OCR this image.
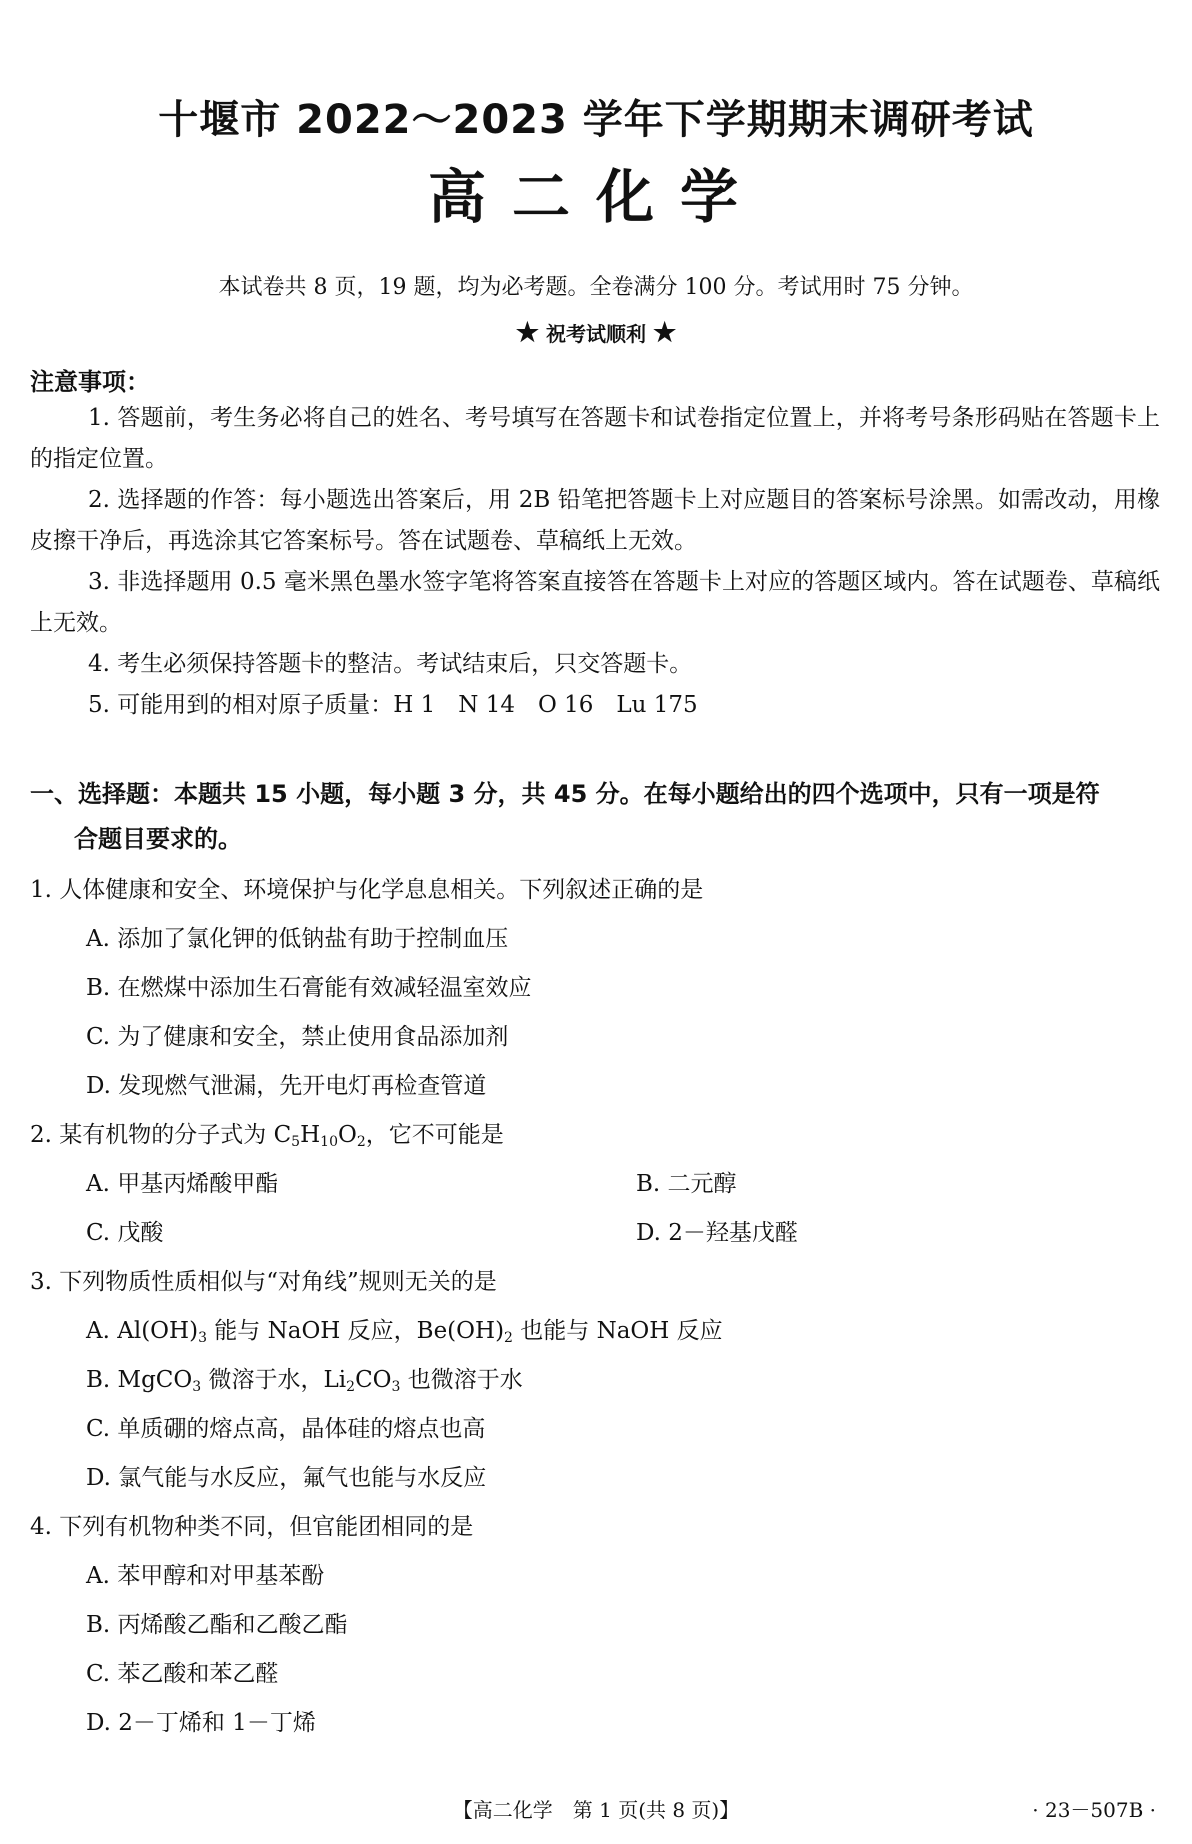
十堰市 2022～2023 学年下学期期末调研考试
高二化学
本试卷共 8 页，19 题，均为必考题。全卷满分 100 分。考试用时 75 分钟。
★ 祝考试顺利 ★
注意事项：

1. 答题前，考生务必将自己的姓名、考号填写在答题卡和试卷指定位置上，并将考号条形码贴在答题卡上的指定位置。

2. 选择题的作答：每小题选出答案后，用 2B 铅笔把答题卡上对应题目的答案标号涂黑。如需改动，用橡皮擦干净后，再选涂其它答案标号。答在试题卷、草稿纸上无效。

3. 非选择题用 0.5 毫米黑色墨水签字笔将答案直接答在答题卡上对应的答题区域内。答在试题卷、草稿纸上无效。

4. 考生必须保持答题卡的整洁。考试结束后，只交答题卡。

5. 可能用到的相对原子质量：H 1　N 14　O 16　Lu 175

一、选择题：本题共 15 小题，每小题 3 分，共 45 分。在每小题给出的四个选项中，只有一项是符
合题目要求的。
1. 人体健康和安全、环境保护与化学息息相关。下列叙述正确的是
A. 添加了氯化钾的低钠盐有助于控制血压
B. 在燃煤中添加生石膏能有效减轻温室效应
C. 为了健康和安全，禁止使用食品添加剂
D. 发现燃气泄漏，先开电灯再检查管道
2. 某有机物的分子式为 $C_5H_{10}O_2$，它不可能是
A. 甲基丙烯酸甲酯	B. 二元醇
C. 戊酸	D. 2－羟基戊醛
3. 下列物质性质相似与“对角线”规则无关的是
A. $Al(OH)_3$ 能与 NaOH 反应，$Be(OH)_2$ 也能与 NaOH 反应
B. MgCO$_3$ 微溶于水，$Li_2CO_3$ 也微溶于水
C. 单质硼的熔点高，晶体硅的熔点也高
D. 氯气能与水反应，氟气也能与水反应
4. 下列有机物种类不同，但官能团相同的是
A. 苯甲醇和对甲基苯酚
B. 丙烯酸乙酯和乙酸乙酯
C. 苯乙酸和苯乙醛
D. 2－丁烯和 1－丁烯
【高二化学　第 1 页(共 8 页)】	· 23－507B ·
